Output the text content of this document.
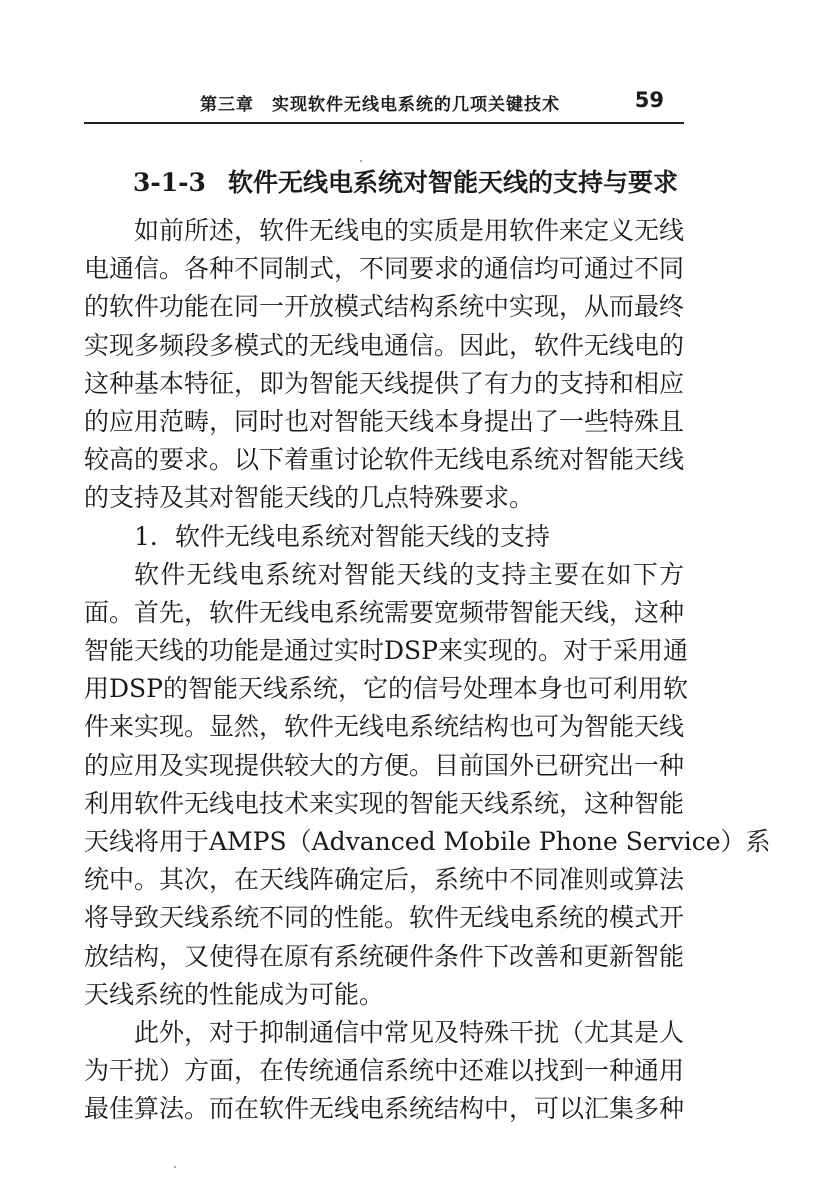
第三章　实现软件无线电系统的几项关键技术	59
3-1-3 软件无线电系统对智能天线的支持与要求
如前所述，软件无线电的实质是用软件来定义无线
电通信。各种不同制式，不同要求的通信均可通过不同
的软件功能在同一开放模式结构系统中实现，从而最终
实现多频段多模式的无线电通信。因此，软件无线电的
这种基本特征，即为智能天线提供了有力的支持和相应
的应用范畴，同时也对智能天线本身提出了一些特殊且
较高的要求。以下着重讨论软件无线电系统对智能天线
的支持及其对智能天线的几点特殊要求。
1．软件无线电系统对智能天线的支持
软件无线电系统对智能天线的支持主要在如下方
面。首先，软件无线电系统需要宽频带智能天线，这种
智能天线的功能是通过实时DSP来实现的。对于采用通
用DSP的智能天线系统，它的信号处理本身也可利用软
件来实现。显然，软件无线电系统结构也可为智能天线
的应用及实现提供较大的方便。目前国外已研究出一种
利用软件无线电技术来实现的智能天线系统，这种智能
天线将用于AMPS（Advanced Mobile Phone Service）系
统中。其次，在天线阵确定后，系统中不同准则或算法
将导致天线系统不同的性能。软件无线电系统的模式开
放结构，又使得在原有系统硬件条件下改善和更新智能
天线系统的性能成为可能。
此外，对于抑制通信中常见及特殊干扰（尤其是人
为干扰）方面，在传统通信系统中还难以找到一种通用
最佳算法。而在软件无线电系统结构中，可以汇集多种
